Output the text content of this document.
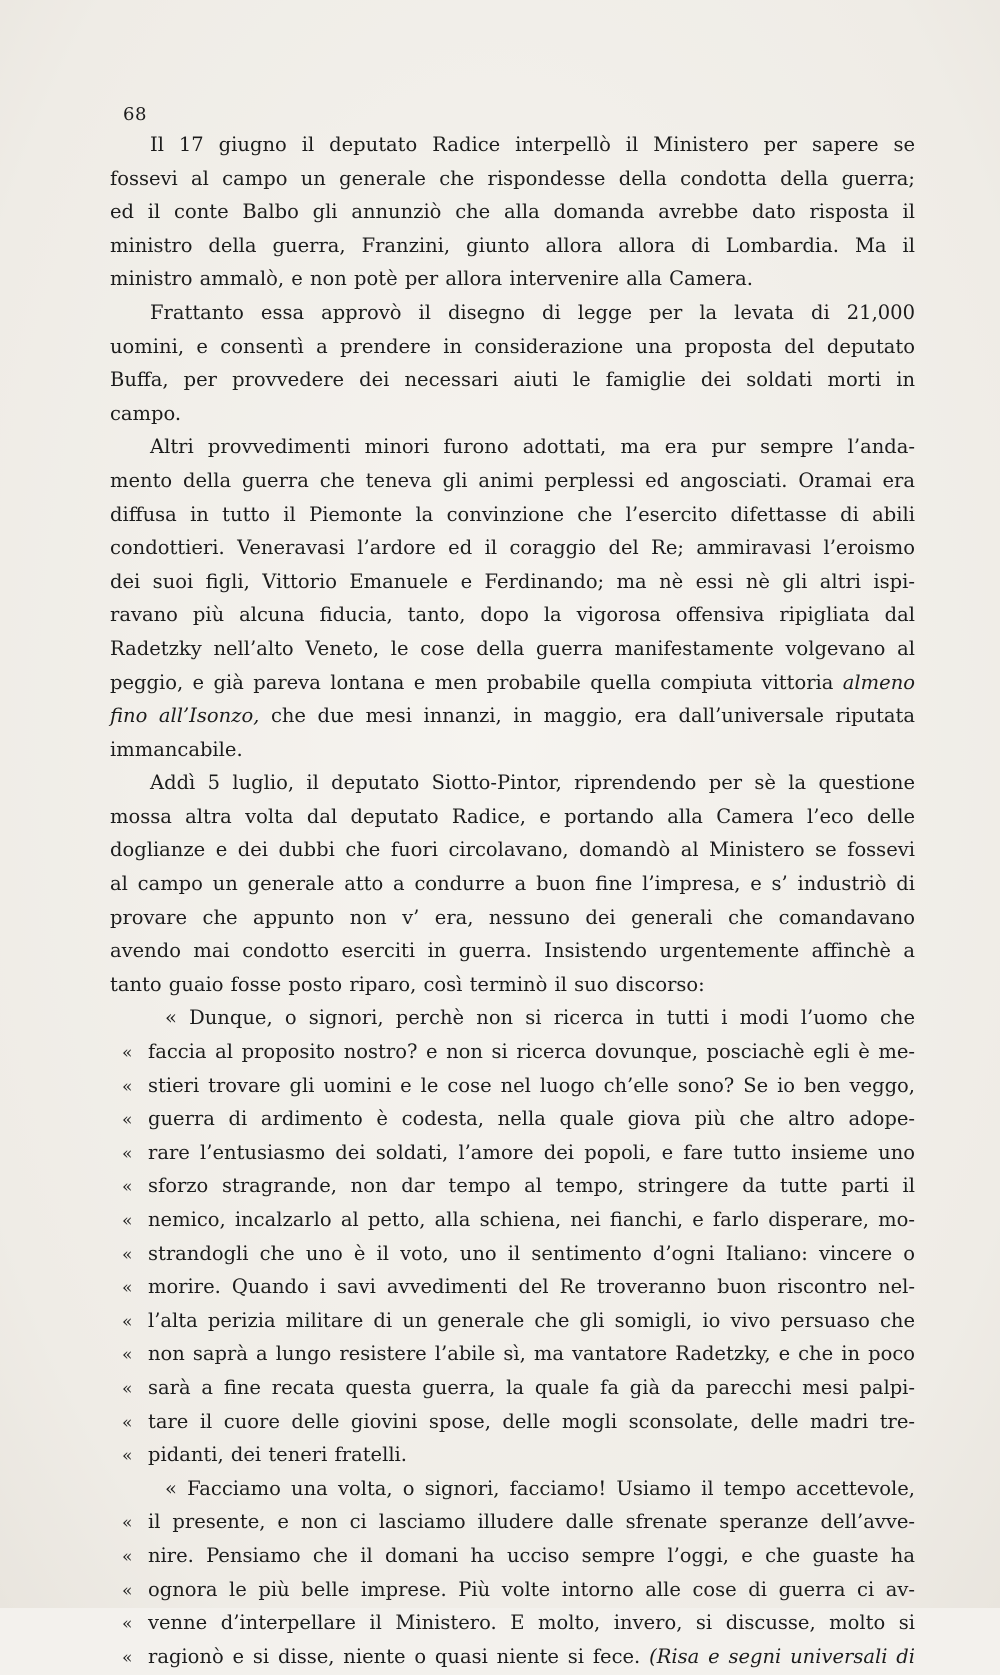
68
Il 17 giugno il deputato Radice interpellò il Ministero per sapere se
fossevi al campo un generale che rispondesse della condotta della guerra;
ed il conte Balbo gli annunziò che alla domanda avrebbe dato risposta il
ministro della guerra, Franzini, giunto allora allora di Lombardia. Ma il
ministro ammalò, e non potè per allora intervenire alla Camera.
Frattanto essa approvò il disegno di legge per la levata di 21,000
uomini, e consentì a prendere in considerazione una proposta del deputato
Buffa, per provvedere dei necessari aiuti le famiglie dei soldati morti in
campo.
Altri provvedimenti minori furono adottati, ma era pur sempre l’anda-
mento della guerra che teneva gli animi perplessi ed angosciati. Oramai era
diffusa in tutto il Piemonte la convinzione che l’esercito difettasse di abili
condottieri. Veneravasi l’ardore ed il coraggio del Re; ammiravasi l’eroismo
dei suoi figli, Vittorio Emanuele e Ferdinando; ma nè essi nè gli altri ispi-
ravano più alcuna fiducia, tanto, dopo la vigorosa offensiva ripigliata dal
Radetzky nell’alto Veneto, le cose della guerra manifestamente volgevano al
peggio, e già pareva lontana e men probabile quella compiuta vittoria almeno
fino all’Isonzo, che due mesi innanzi, in maggio, era dall’universale riputata
immancabile.
Addì 5 luglio, il deputato Siotto-Pintor, riprendendo per sè la questione
mossa altra volta dal deputato Radice, e portando alla Camera l’eco delle
doglianze e dei dubbi che fuori circolavano, domandò al Ministero se fossevi
al campo un generale atto a condurre a buon fine l’impresa, e s’ industriò di
provare che appunto non v’ era, nessuno dei generali che comandavano
avendo mai condotto eserciti in guerra. Insistendo urgentemente affinchè a
tanto guaio fosse posto riparo, così terminò il suo discorso:
« Dunque, o signori, perchè non si ricerca in tutti i modi l’uomo che
« faccia al proposito nostro? e non si ricerca dovunque, posciachè egli è me-
« stieri trovare gli uomini e le cose nel luogo ch’elle sono? Se io ben veggo,
« guerra di ardimento è codesta, nella quale giova più che altro adope-
« rare l’entusiasmo dei soldati, l’amore dei popoli, e fare tutto insieme uno
« sforzo stragrande, non dar tempo al tempo, stringere da tutte parti il
« nemico, incalzarlo al petto, alla schiena, nei fianchi, e farlo disperare, mo-
« strandogli che uno è il voto, uno il sentimento d’ogni Italiano: vincere o
« morire. Quando i savi avvedimenti del Re troveranno buon riscontro nel-
« l’alta perizia militare di un generale che gli somigli, io vivo persuaso che
« non saprà a lungo resistere l’abile sì, ma vantatore Radetzky, e che in poco
« sarà a fine recata questa guerra, la quale fa già da parecchi mesi palpi-
« tare il cuore delle giovini spose, delle mogli sconsolate, delle madri tre-
« pidanti, dei teneri fratelli.
« Facciamo una volta, o signori, facciamo! Usiamo il tempo accettevole,
« il presente, e non ci lasciamo illudere dalle sfrenate speranze dell’avve-
« nire. Pensiamo che il domani ha ucciso sempre l’oggi, e che guaste ha
« ognora le più belle imprese. Più volte intorno alle cose di guerra ci av-
« venne d’interpellare il Ministero. E molto, invero, si discusse, molto si
« ragionò e si disse, niente o quasi niente si fece. (Risa e segni universali di
